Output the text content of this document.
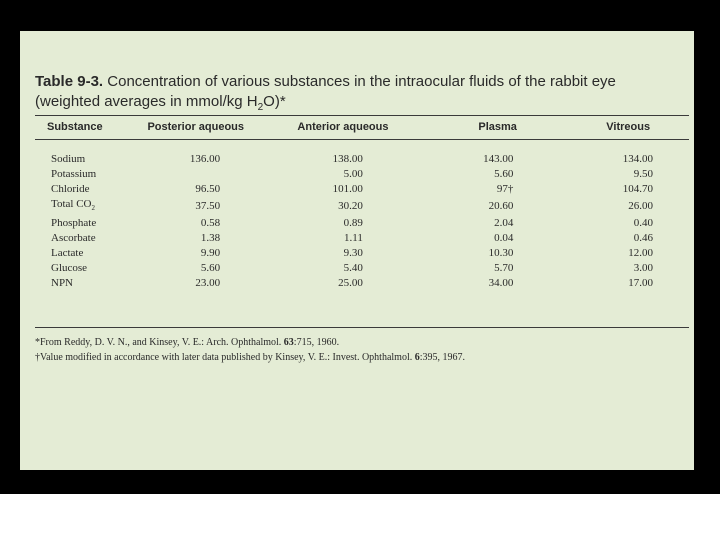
Table 9-3. Concentration of various substances in the intraocular fluids of the rabbit eye
(weighted averages in mmol/kg $H_2O)*$
Substance	Posterior aqueous	Anterior aqueous	Plasma	Vitreous

Sodium	136.00	138.00	143.00	134.00
Potassium		5.00	5.60	9.50
Chloride	96.50	101.00	97†	104.70
Total $CO_2$	37.50	30.20	20.60	26.00
Phosphate	0.58	0.89	2.04	0.40
Ascorbate	1.38	1.11	0.04	0.46
Lactate	9.90	9.30	10.30	12.00
Glucose	5.60	5.40	5.70	3.00
NPN	23.00	25.00	34.00	17.00
*From Reddy, D. V. N., and Kinsey, V. E.: Arch. Ophthalmol. 63:715, 1960.
†Value modified in accordance with later data published by Kinsey, V. E.: Invest. Ophthalmol. 6:395, 1967.
